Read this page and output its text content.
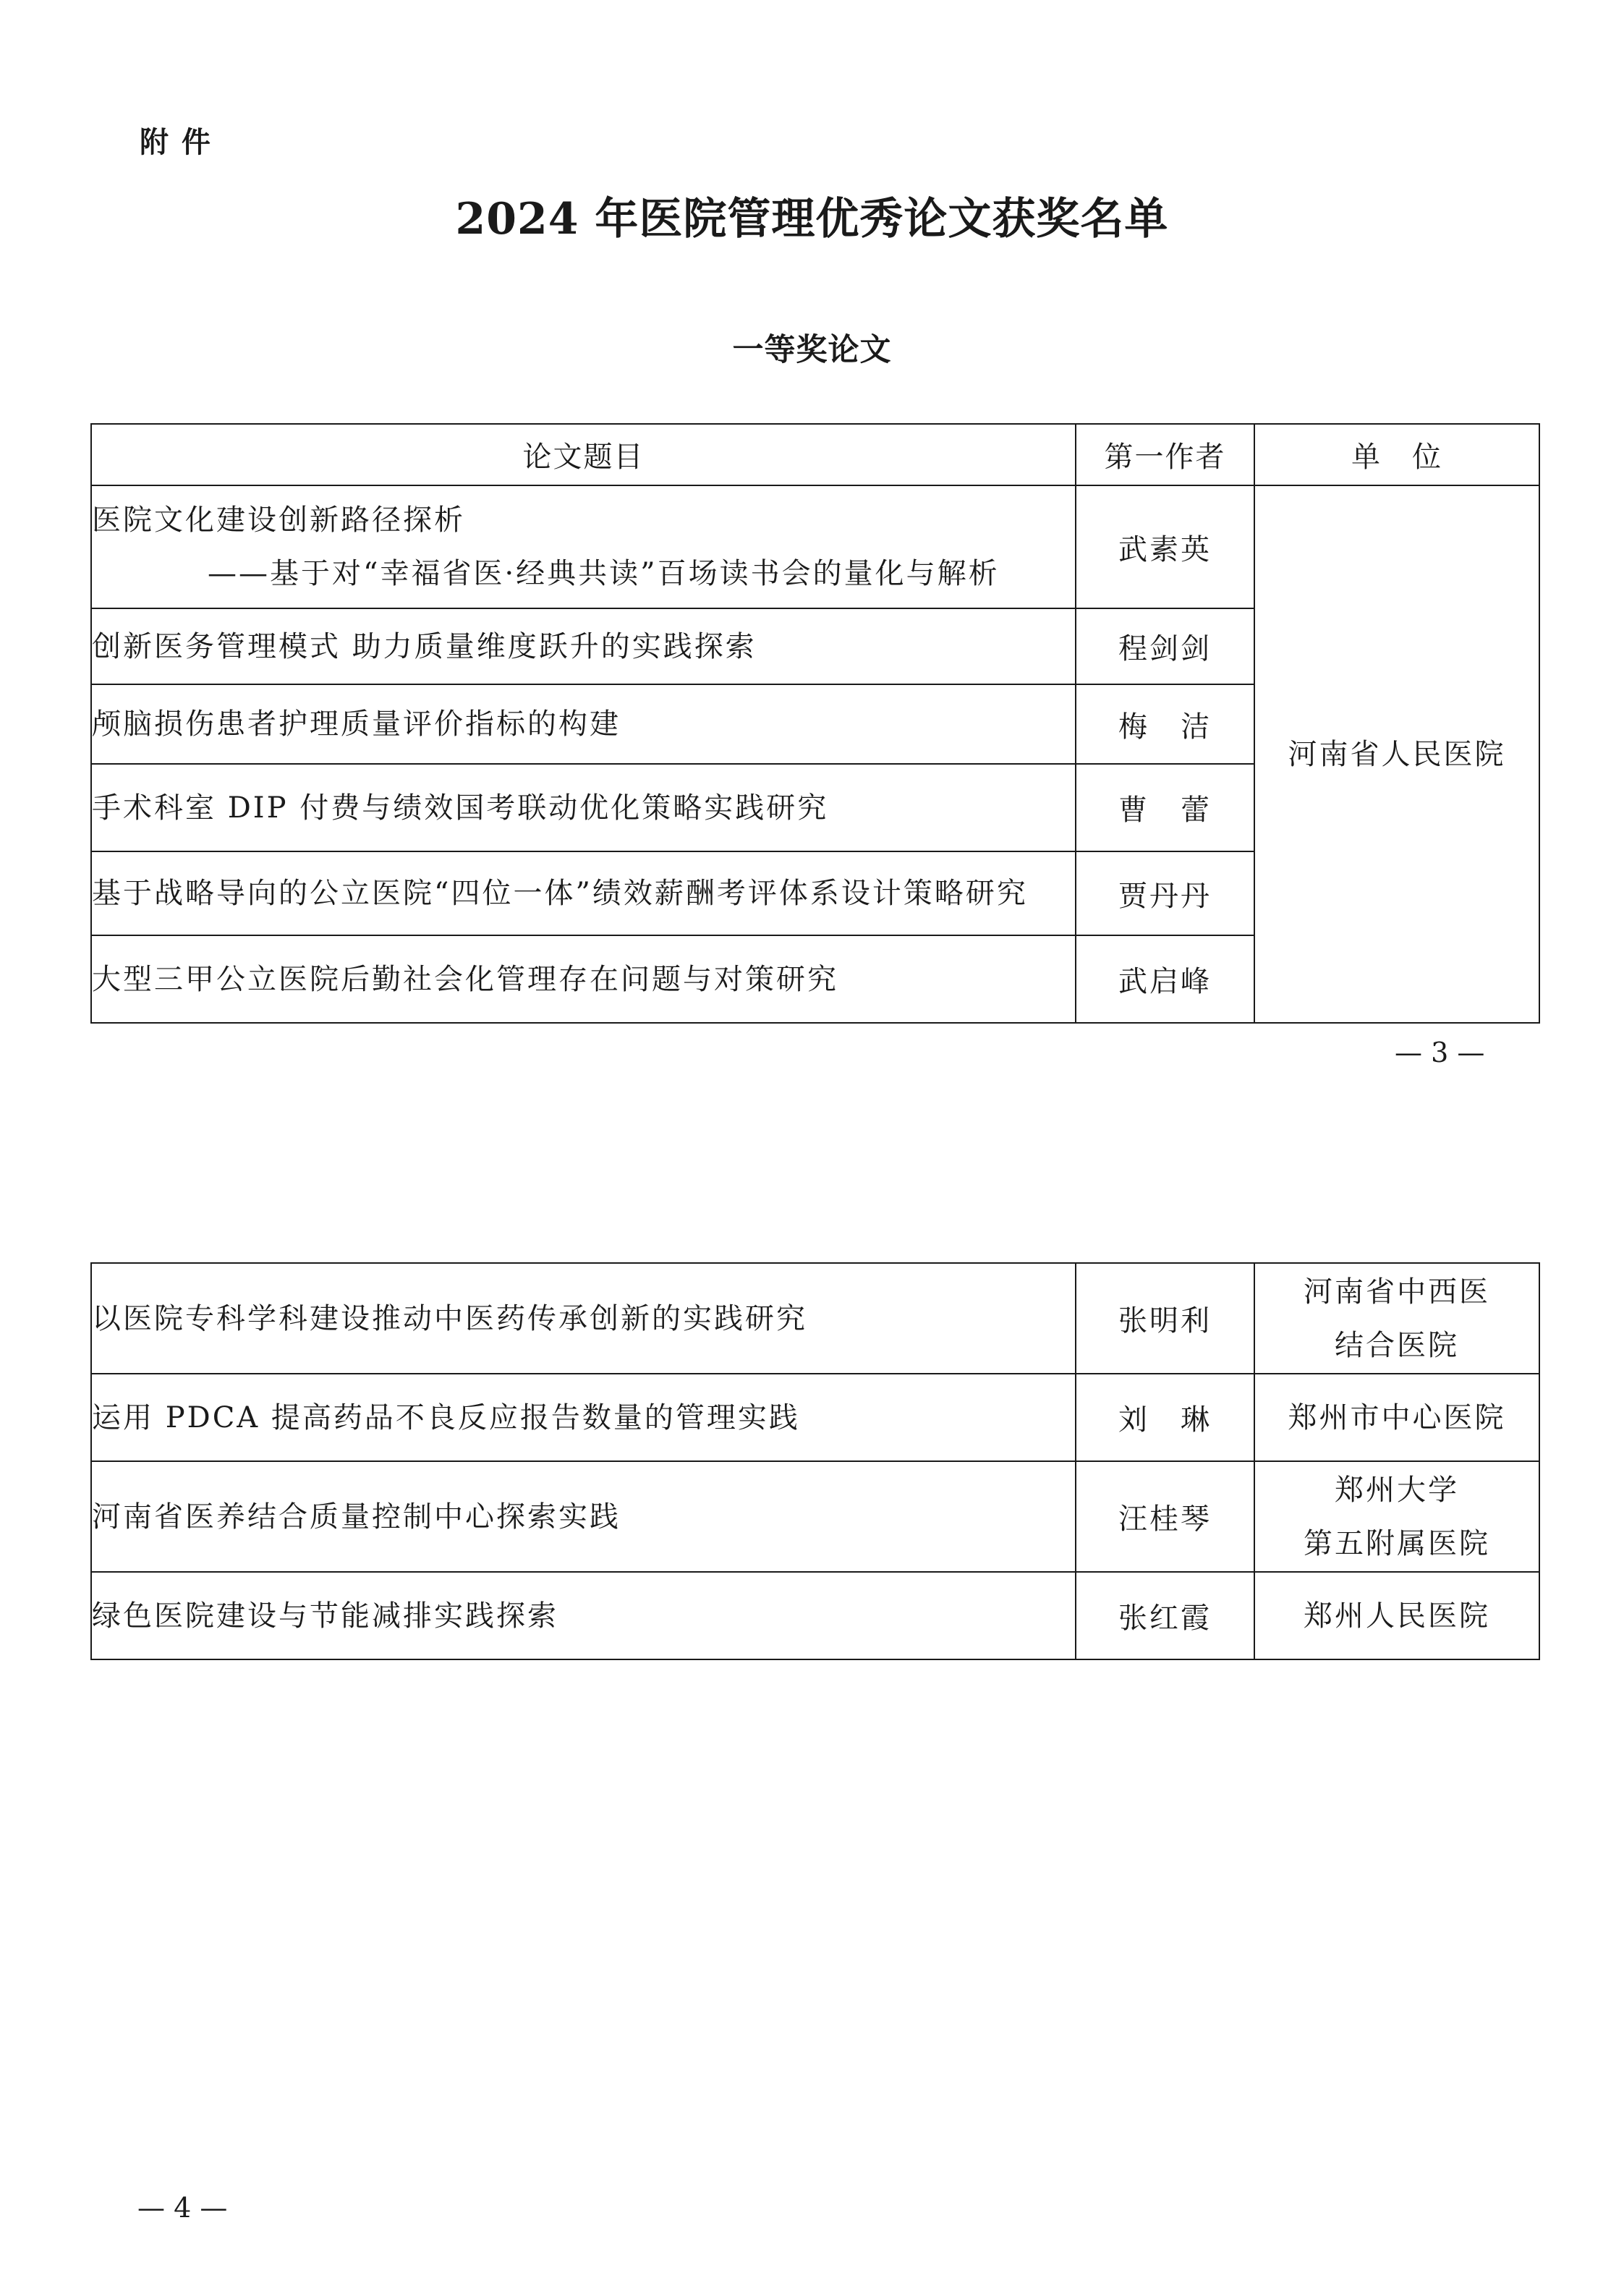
附 件
2024 年医院管理优秀论文获奖名单
一等奖论文
论文题目	第一作者	单　位
医院文化建设创新路径探析
——基于对“幸福省医·经典共读”百场读书会的量化与解析	武素英	河南省人民医院
创新医务管理模式 助力质量维度跃升的实践探索	程剑剑	
颅脑损伤患者护理质量评价指标的构建	梅　洁	
手术科室 DIP 付费与绩效国考联动优化策略实践研究	曹　蕾	
基于战略导向的公立医院“四位一体”绩效薪酬考评体系设计策略研究	贾丹丹	
大型三甲公立医院后勤社会化管理存在问题与对策研究	武启峰	
— 3 —
以医院专科学科建设推动中医药传承创新的实践研究	张明利	河南省中西医
结合医院

运用 PDCA 提高药品不良反应报告数量的管理实践	刘　琳	郑州市中心医院
河南省医养结合质量控制中心探索实践	汪桂琴	郑州大学
第五附属医院

绿色医院建设与节能减排实践探索	张红霞	郑州人民医院
— 4 —
